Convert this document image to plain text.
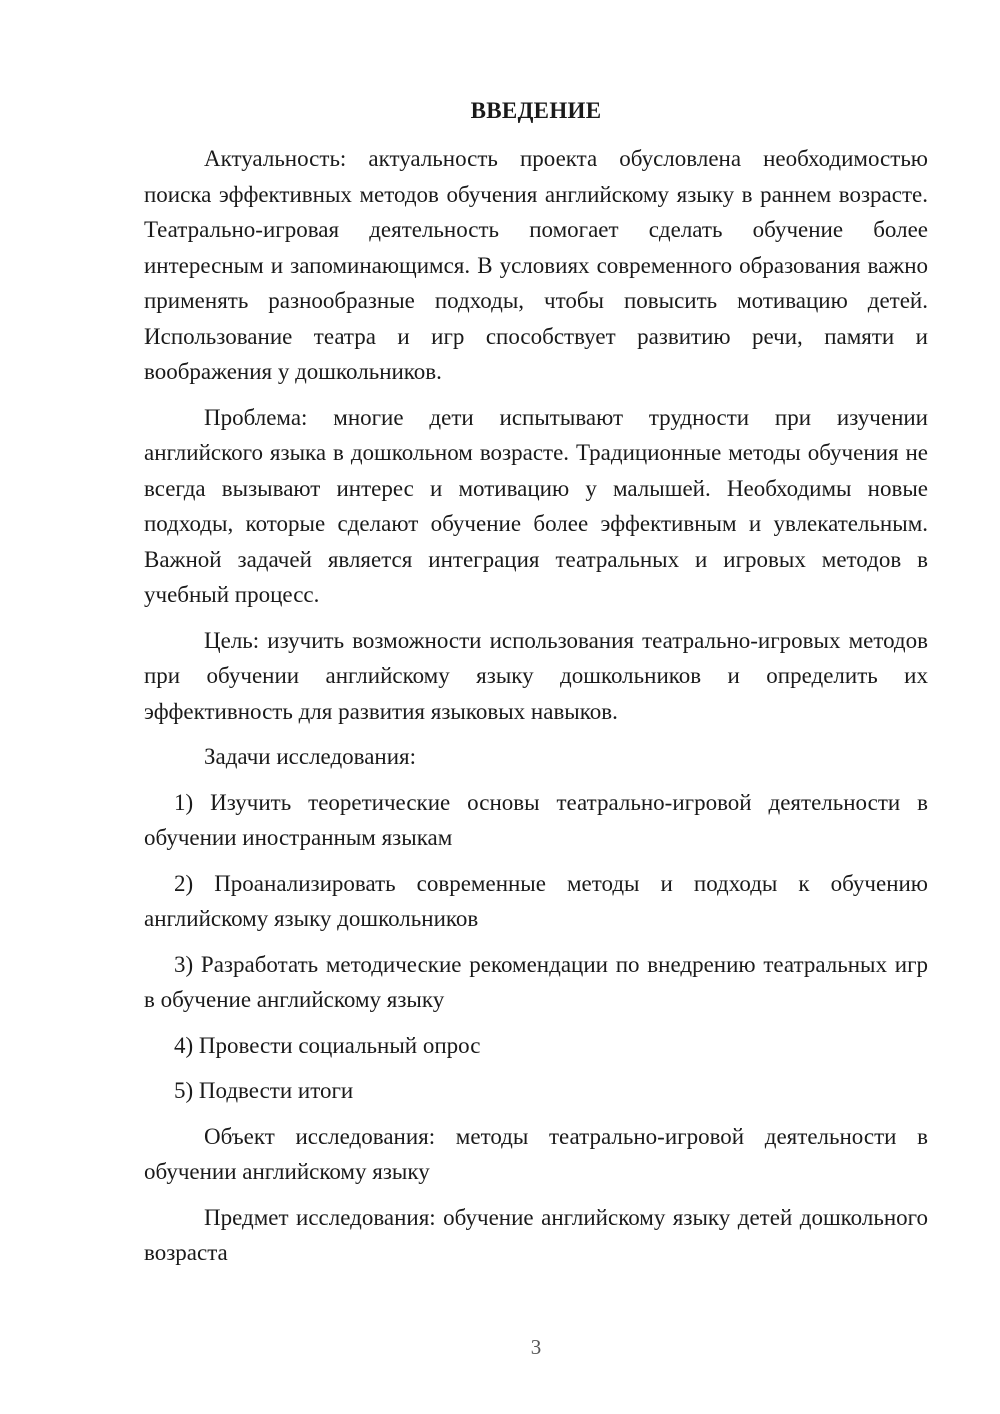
ВВЕДЕНИЕ

Актуальность: актуальность проекта обусловлена необходимостью поиска эффективных методов обучения английскому языку в раннем возрасте. Театрально-игровая деятельность помогает сделать обучение более интересным и запоминающимся. В условиях современного образования важно применять разнообразные подходы, чтобы повысить мотивацию детей. Использование театра и игр способствует развитию речи, памяти и воображения у дошкольников.

Проблема: многие дети испытывают трудности при изучении английского языка в дошкольном возрасте. Традиционные методы обучения не всегда вызывают интерес и мотивацию у малышей. Необходимы новые подходы, которые сделают обучение более эффективным и увлекательным. Важной задачей является интеграция театральных и игровых методов в учебный процесс.

Цель: изучить возможности использования театрально-игровых методов при обучении английскому языку дошкольников и определить их эффективность для развития языковых навыков.

Задачи исследования:

1) Изучить теоретические основы театрально-игровой деятельности в обучении иностранным языкам

2) Проанализировать современные методы и подходы к обучению английскому языку дошкольников

3) Разработать методические рекомендации по внедрению театральных игр в обучение английскому языку

4) Провести социальный опрос

5) Подвести итоги

Объект исследования: методы театрально-игровой деятельности в обучении английскому языку

Предмет исследования: обучение английскому языку детей дошкольного возраста

3
